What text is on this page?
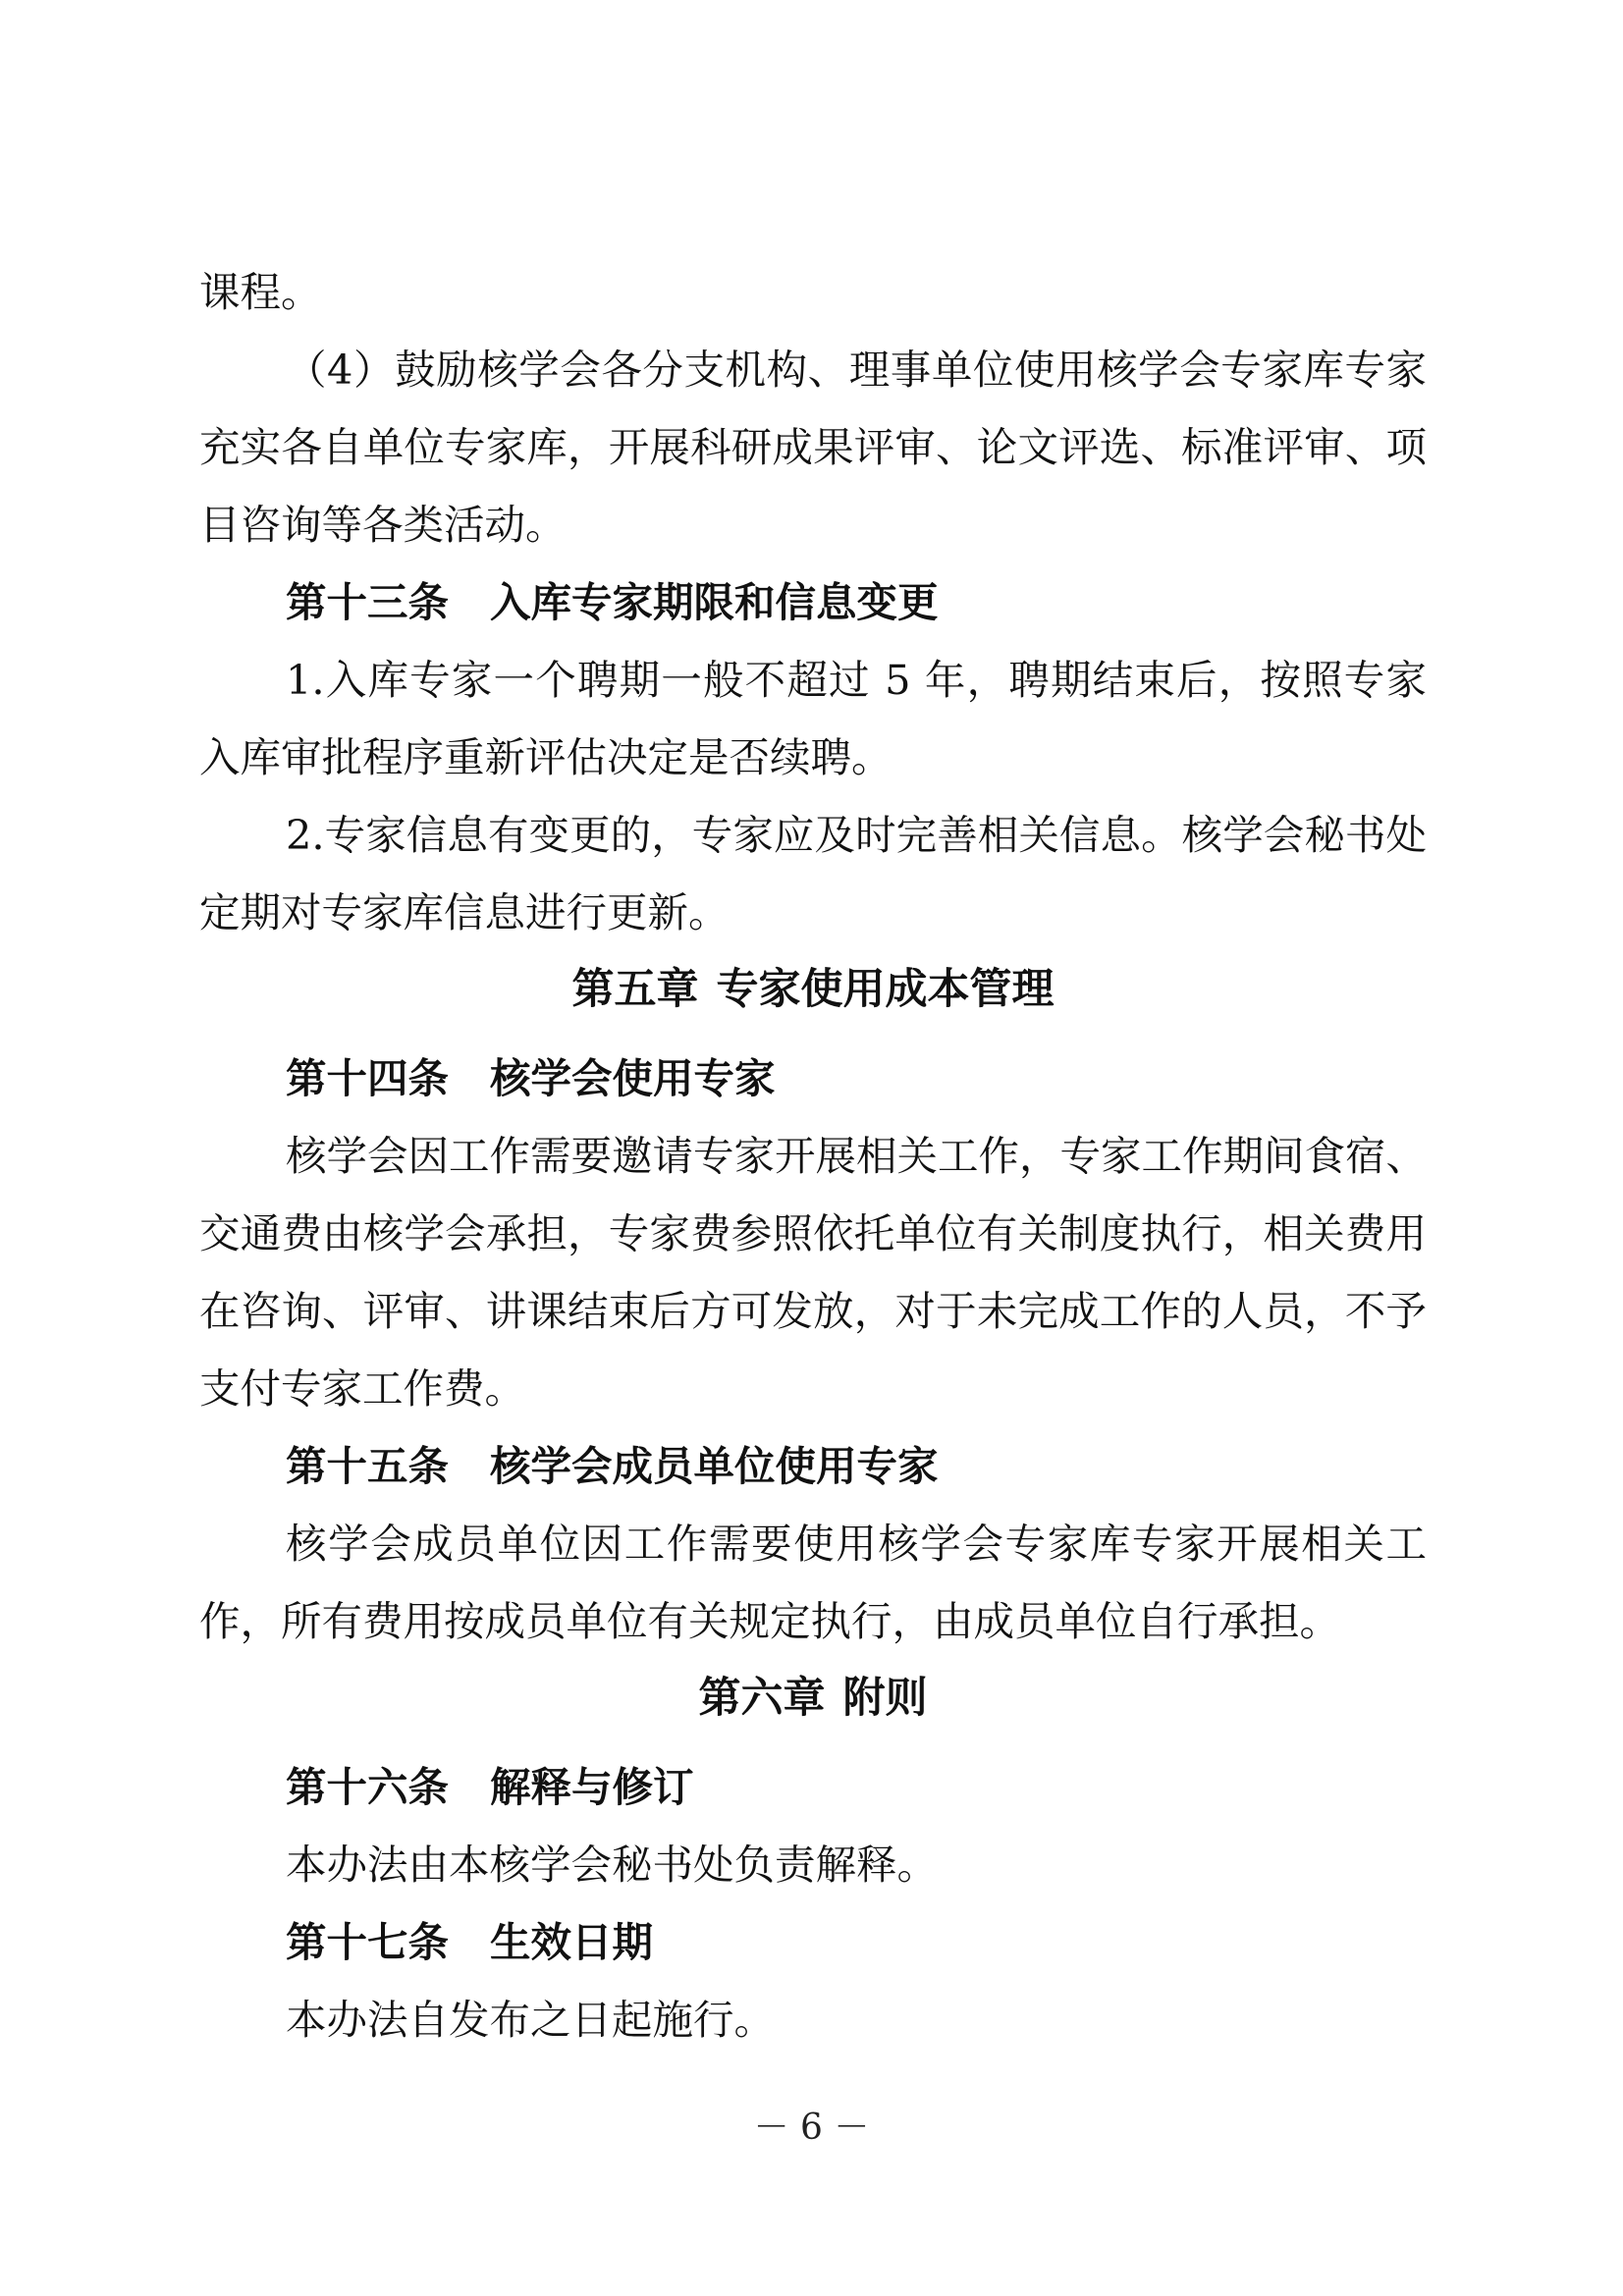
课程。

（4）鼓励核学会各分支机构、理事单位使用核学会专家库专家充实各自单位专家库，开展科研成果评审、论文评选、标准评审、项目咨询等各类活动。

第十三条 入库专家期限和信息变更

1.入库专家一个聘期一般不超过 5 年，聘期结束后，按照专家入库审批程序重新评估决定是否续聘。

2.专家信息有变更的，专家应及时完善相关信息。核学会秘书处定期对专家库信息进行更新。

第五章 专家使用成本管理

第十四条 核学会使用专家

核学会因工作需要邀请专家开展相关工作，专家工作期间食宿、交通费由核学会承担，专家费参照依托单位有关制度执行，相关费用在咨询、评审、讲课结束后方可发放，对于未完成工作的人员，不予支付专家工作费。

第十五条 核学会成员单位使用专家

核学会成员单位因工作需要使用核学会专家库专家开展相关工作，所有费用按成员单位有关规定执行，由成员单位自行承担。

第六章 附则

第十六条 解释与修订

本办法由本核学会秘书处负责解释。

第十七条 生效日期

本办法自发布之日起施行。

－ 6 －
